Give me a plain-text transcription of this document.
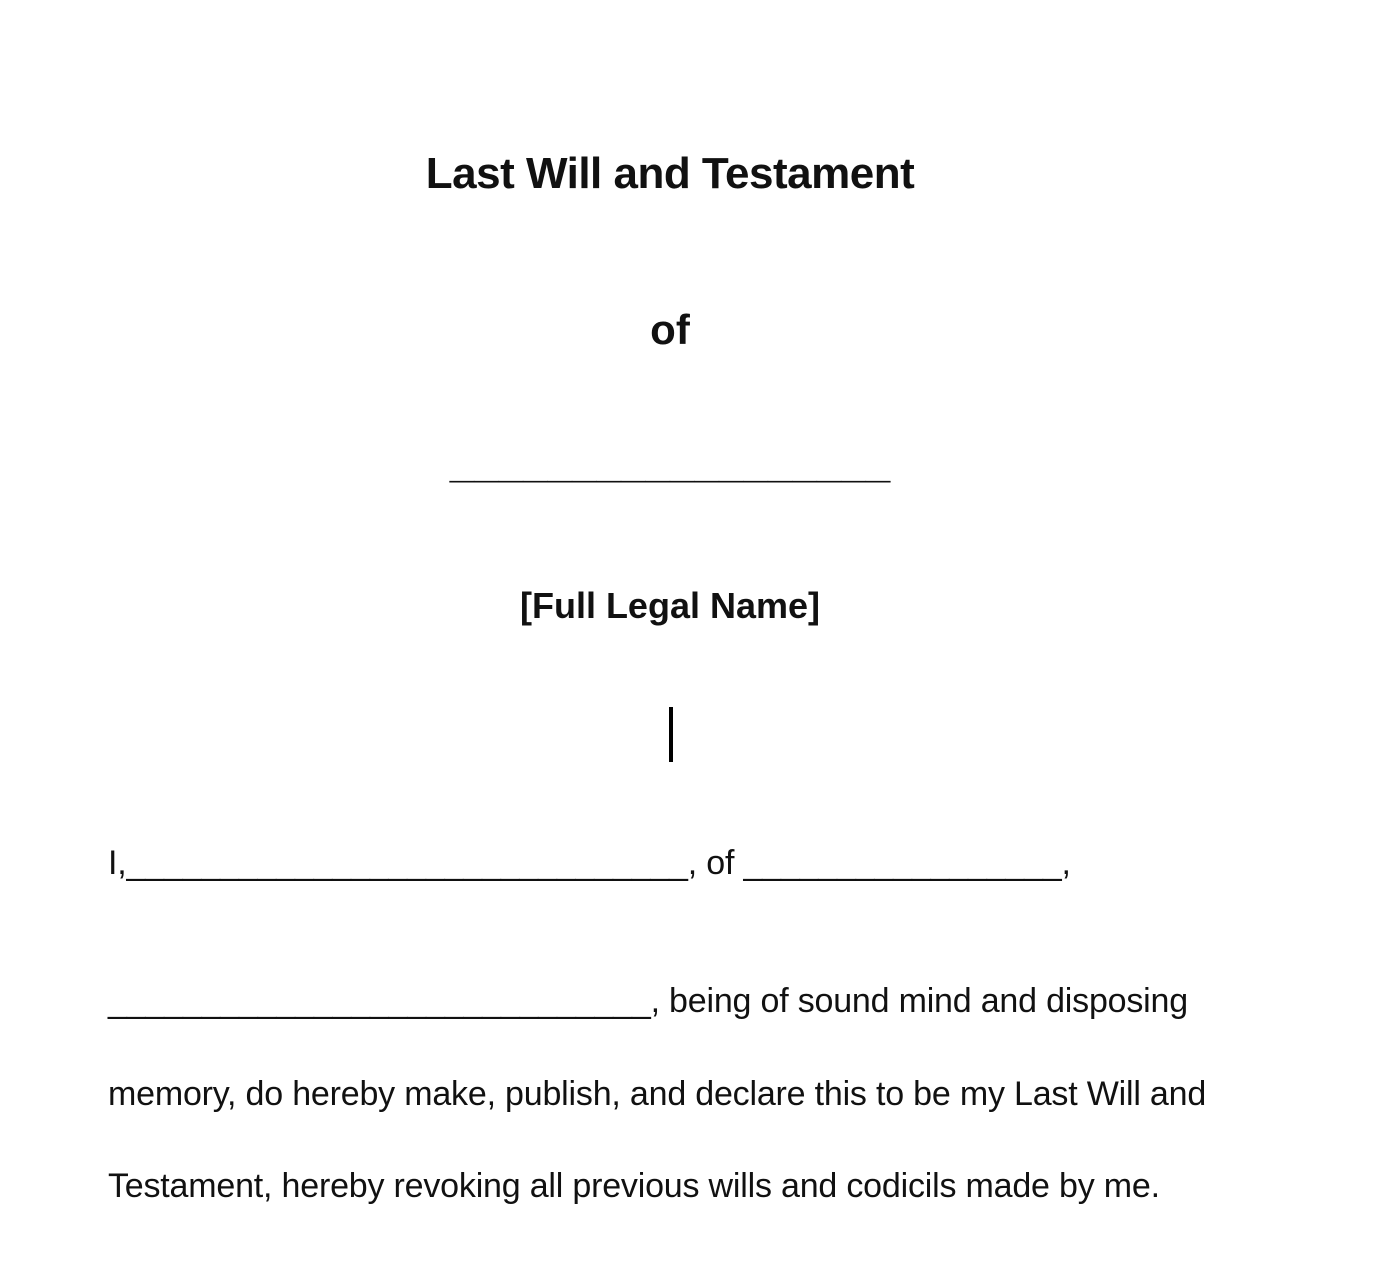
Last Will and Testament
of
__________________
[Full Legal Name]
I,______________________________, of _________________,
_____________________________, being of sound mind and disposing
memory, do hereby make, publish, and declare this to be my Last Will and
Testament, hereby revoking all previous wills and codicils made by me.
